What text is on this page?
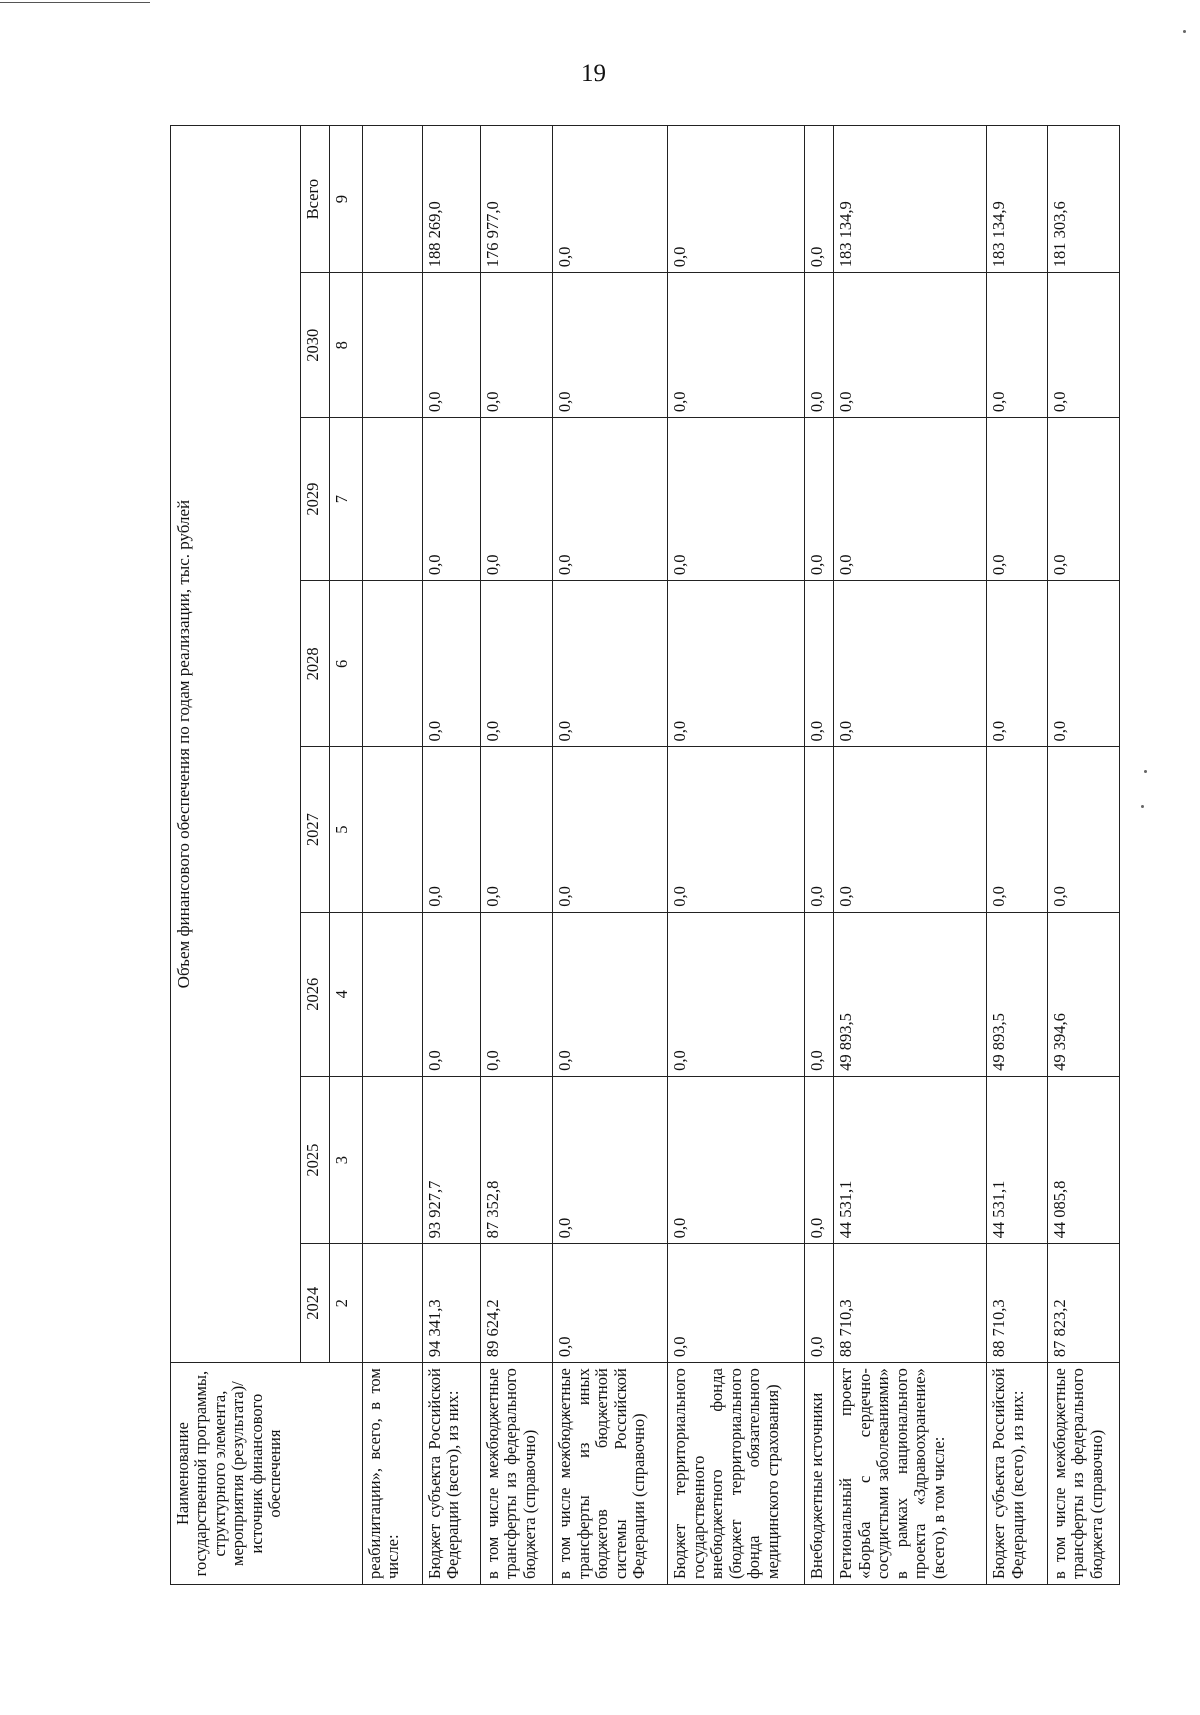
19
Наименование государственной программы, структурного элемента, мероприятия (результата)/источник финансового обеспечения	Объем финансового обеспечения по годам реализации, тыс. рублей							
	2024	2025	2026	2027	2028	2029	2030	Всего
	2	3	4	5	6	7	8	9
реабилитации», всего, в том числе:								
Бюджет субъекта Российской Федерации (всего), из них:	94 341,3	93 927,7	0,0	0,0	0,0	0,0	0,0	188 269,0
в том числе межбюджетные трансферты из федерального бюджета (справочно)	89 624,2	87 352,8	0,0	0,0	0,0	0,0	0,0	176 977,0
в том числе межбюджетные трансферты из иных бюджетов бюджетной системы Российской Федерации (справочно)	0,0	0,0	0,0	0,0	0,0	0,0	0,0	0,0
Бюджет территориального государственного внебюджетного фонда (бюджет территориального фонда обязательного медицинского страхования)	0,0	0,0	0,0	0,0	0,0	0,0	0,0	0,0
Внебюджетные источники	0,0	0,0	0,0	0,0	0,0	0,0	0,0	0,0
Региональный проект «Борьба с сердечно-сосудистыми заболеваниями» в рамках национального проекта «Здравоохранение» (всего), в том числе:	88 710,3	44 531,1	49 893,5	0,0	0,0	0,0	0,0	183 134,9
Бюджет субъекта Российской Федерации (всего), из них:	88 710,3	44 531,1	49 893,5	0,0	0,0	0,0	0,0	183 134,9
в том числе межбюджетные трансферты из федерального бюджета (справочно)	87 823,2	44 085,8	49 394,6	0,0	0,0	0,0	0,0	181 303,6
